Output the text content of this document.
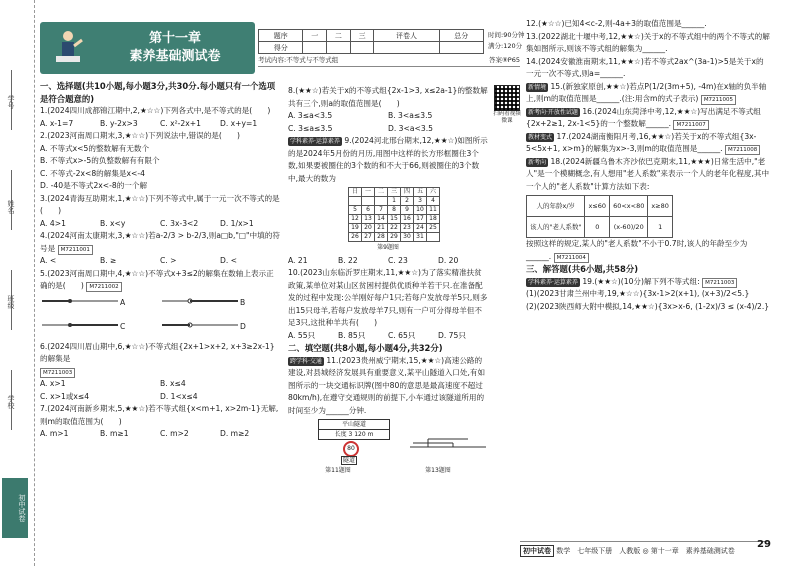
学号
姓名
班级
学校
初中试卷
第十一章
素养基础测试卷
题序	一	二	三	评卷人	总分
得分					
时间:90分钟
满分:120分
考试内容:不等式与不等式组	答案⑨P65
扫码看视频 微课

一、选择题(共10小题,每小题3分,共30分.每小题只有一个选项是符合题意的)

1.(2024四川成都锦江期中,2,★☆☆)下列各式中,是不等式的是(　　)

A. x-1=7	B. y-2x>3	C. x²-2x+1	D. x+y=1

2.(2023河南周口期末,3,★☆☆)下列说法中,错误的是(　　)

A. 不等式x<5的整数解有无数个

B. 不等式x>-5的负整数解有有限个

C. 不等式-2x<8的解集是x<-4

D. -40是不等式2x<-8的一个解

3.(2024青海互助期末,1,★☆☆)下列不等式中,属于一元一次不等式的是(　　)

A. 4>1	B. x<y	C. 3x-3<2	D. 1/x>1

4.(2024河南太康期末,3,★☆☆)若a-2/3 > b-2/3,则a□b,"□"中填的符号是 M7211001

A. <	B. ≥	C. >	D. <

5.(2023河南周口期中,4,★☆☆)不等式x+3≤2的解集在数轴上表示正确的是(　　) M7211002

A	B

C	D

6.(2024四川眉山期中,6,★☆☆)不等式组{2x+1>x+2, x+3≥2x-1}的解集是

M7211003

A. x>1	B. x≤4

C. x>1或x≤4	D. 1<x≤4

7.(2024河南新乡期末,5,★★☆)若不等式组{x<m+1, x>2m-1}无解,则m的取值范围为(　　)

A. m>1	B. m≥1	C. m>2	D. m≥2

8.(★★☆)若关于x的不等式组{2x-1>3, x≤2a-1}的整数解共有三个,则a的取值范围是(　　)

A. 3≤a<3.5	B. 3<a≤3.5

C. 3≤a≤3.5	D. 3<a<3.5

学科素养·运算素养 9.(2024河北邢台期末,12,★★☆)如图所示的是2024年5月份的月历,用图中这样的长方形框圈住3个数,如果要被圈住的3个数的和不大于66,则被圈住的3个数中,最大的数为

日	一	二	三	四	五	六
			1	2	3	4
5	6	7	8	9	10	11
12	13	14	15	16	17	18
19	20	21	22	23	24	25
26	27	28	29	30	31	

第9题图

A. 21	B. 22	C. 23	D. 20

10.(2023山东临沂罗庄期末,11,★★☆)为了落实精准扶贫政策,某单位对某山区贫困村提供优质种羊若干只.在准备配发的过程中发现:公羊刚好每户1只;若每户发放母羊5只,则多出15只母羊,若每户发放母羊7只,则有一户可分得母羊但不足3只,这批种羊共有(　　)

A. 55只	B. 85只	C. 65只	D. 75只

二、填空题(共8小题,每小题4分,共32分)

跨学科·交通 11.(2023贵州威宁期末,15,★★☆)高速公路的建设,对县城经济发展具有重要意义,某平山隧道入口处,有如图所示的一块交通标识牌(图中80的意思是最高速度不超过80km/h),在遵守交通规则的前提下,小车通过该隧道所用的时间至少为______分钟.

平山隧道
长度 3 120 m
80
隧道

第11题图	第13题图

12.(★☆☆)已知4<c-2,则-4a+3的取值范围是______.

13.(2022湖北十堰中考,12,★★☆)关于x的不等式组中的两个不等式的解集如图所示,则该不等式组的解集为______.

14.(2024安徽淮南期末,11,★★☆)若不等式2ax^(3a-1)>5是关于x的一元一次不等式,则a=______.

新情境 15.(新独家原创,★★☆)若点P(1/2(3m+5), -4m)在x轴的负半轴上,则m的取值范围是______.(注:用含m的式子表示) M7211005

新考向·开放性试题 16.(2024山东菏泽中考,12,★★☆)写出满足不等式组{2x+2≥1, 2x-1<5}的一个整数解______. M7211007

教材变式 17.(2024湖南衡阳月考,16,★★☆)若关于x的不等式组{3x-5<5x+1, x>m}的解集为x>-3,则m的取值范围是______. M7211008

新考向 18.(2024新疆乌鲁木齐沙依巴克期末,11,★★★)日常生活中,"老人"是一个模糊概念,有人想用"老人系数"来表示一个人的老年化程度,其中一个人的"老人系数"计算方法如下表:

人的年龄x/岁	x≤60	60<x<80	x≥80
该人的"老人系数"	0	(x-60)/20	1

按照这样的规定,某人的"老人系数"不小于0.7时,该人的年龄至少为______. M7211004

三、解答题(共6小题,共58分)

学科素养·运算素养 19.(★★☆)(10分)解下列不等式组: M7211003

(1)(2023甘肃兰州中考,19,★☆☆){3x-1>2(x+1), (x+3)/2<5.}

(2)(2023陕西师大附中模拟,14,★★☆){3x>x-6, (1-2x)/3 ≤ (x-4)/2.}

初中试卷 数学　七年级下册　人教版 ◎ 第十一章　素养基础测试卷
29
